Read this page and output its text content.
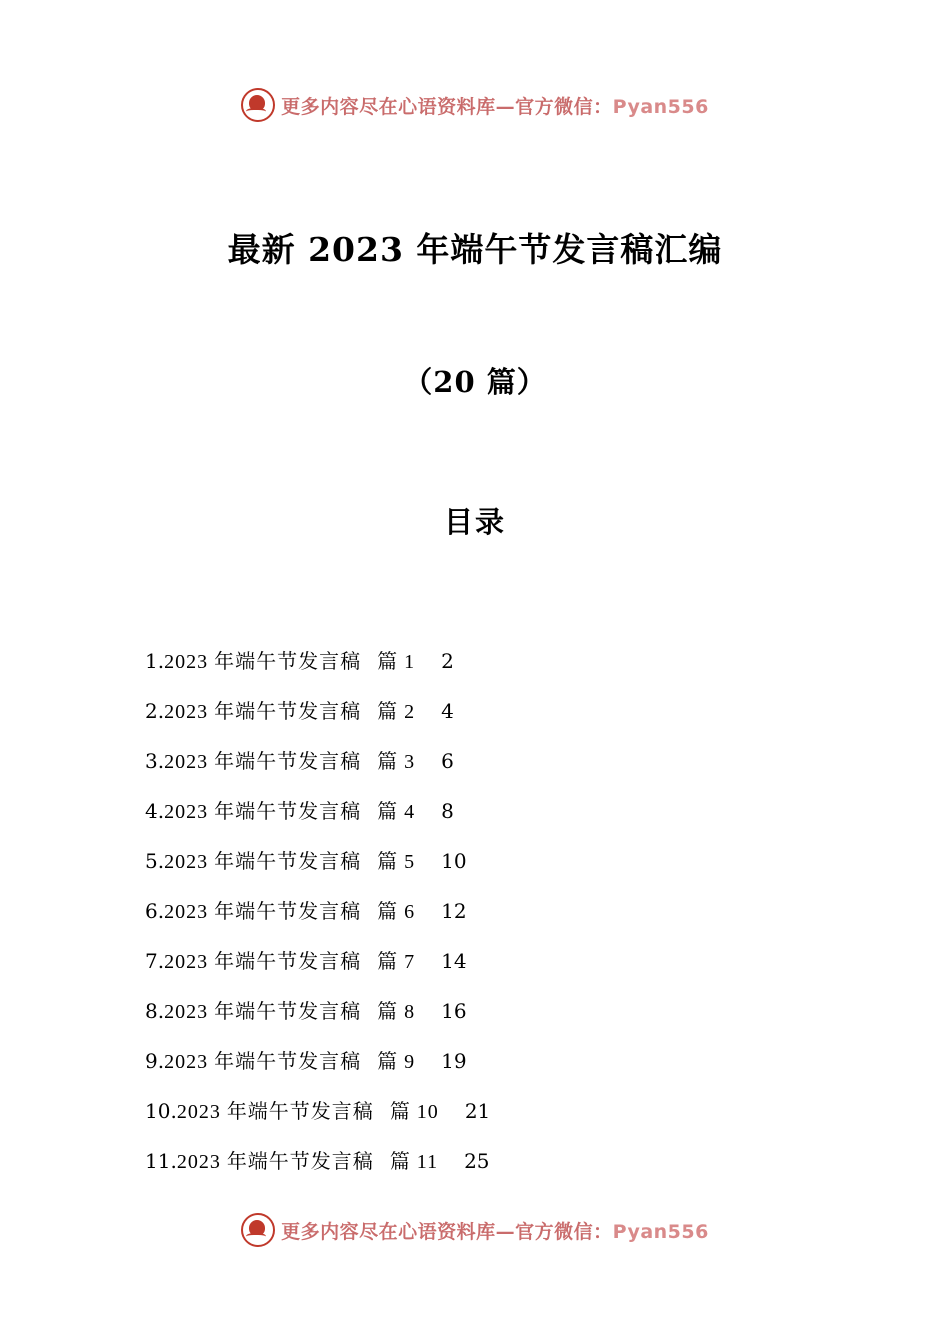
更多内容尽在心语资料库—官方微信：Pyan556
最新 2023 年端午节发言稿汇编
（20 篇）
目录
1. 2023 年端午节发言稿 篇 1 2
2. 2023 年端午节发言稿 篇 2 4
3. 2023 年端午节发言稿 篇 3 6
4. 2023 年端午节发言稿 篇 4 8
5. 2023 年端午节发言稿 篇 5 10
6. 2023 年端午节发言稿 篇 6 12
7. 2023 年端午节发言稿 篇 7 14
8. 2023 年端午节发言稿 篇 8 16
9. 2023 年端午节发言稿 篇 9 19
10. 2023 年端午节发言稿 篇 10 21
11. 2023 年端午节发言稿 篇 11 25
更多内容尽在心语资料库—官方微信：Pyan556
